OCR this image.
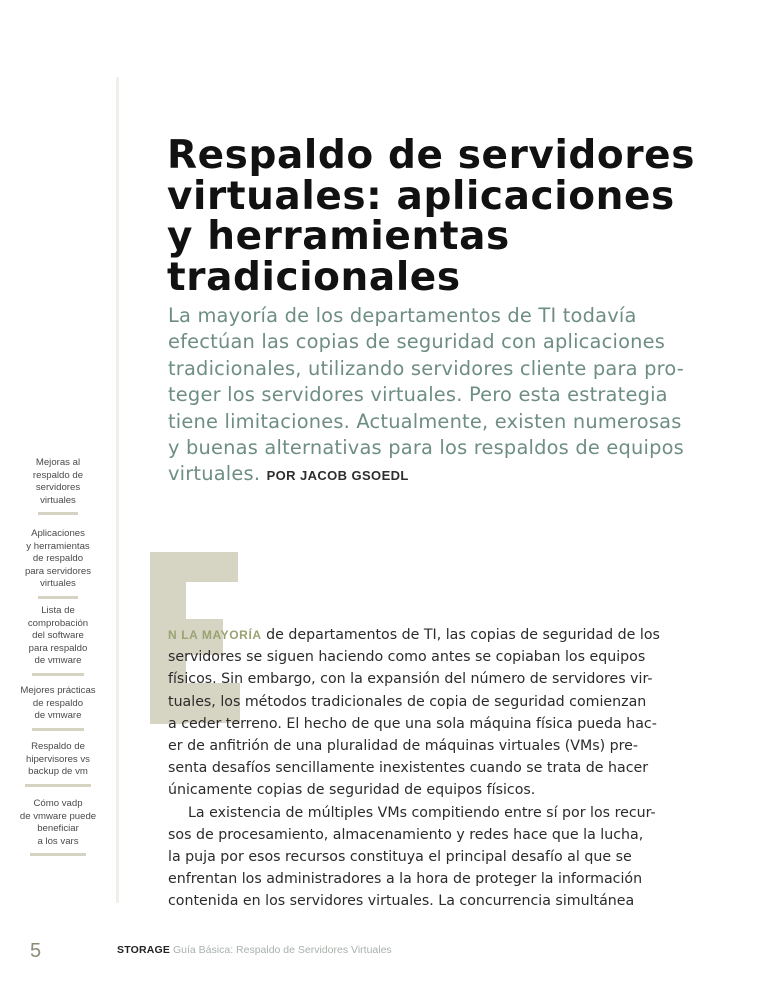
Mejoras al
respaldo de
servidores
virtuales
Aplicaciones
y herramientas
de respaldo
para servidores
virtuales
Lista de
comprobación
del software
para respaldo
de vmware
Mejores prácticas
de respaldo
de vmware
Respaldo de
hipervisores vs
backup de vm
Cómo vadp
de vmware puede
beneficiar
a los vars
Respaldo de servidores
virtuales: aplicaciones
y herramientas
tradicionales
La mayoría de los departamentos de TI todavía
efectúan las copias de seguridad con aplicaciones
tradicionales, utilizando servidores cliente para pro-
teger los servidores virtuales. Pero esta estrategia
tiene limitaciones. Actualmente, existen numerosas
y buenas alternativas para los respaldos de equipos
virtuales. POR JACOB GSOEDL

N LA MAYORÍA de departamentos de TI, las copias de seguridad de los
servidores se siguen haciendo como antes se copiaban los equipos
físicos. Sin embargo, con la expansión del número de servidores vir-
tuales, los métodos tradicionales de copia de seguridad comienzan
a ceder terreno. El hecho de que una sola máquina física pueda hac-
er de anfitrión de una pluralidad de máquinas virtuales (VMs) pre-
senta desafíos sencillamente inexistentes cuando se trata de hacer
únicamente copias de seguridad de equipos físicos.

La existencia de múltiples VMs compitiendo entre sí por los recur-
sos de procesamiento, almacenamiento y redes hace que la lucha,
la puja por esos recursos constituya el principal desafío al que se
enfrentan los administradores a la hora de proteger la información
contenida en los servidores virtuales. La concurrencia simultánea

5	STORAGE Guía Básica: Respaldo de Servidores Virtuales
